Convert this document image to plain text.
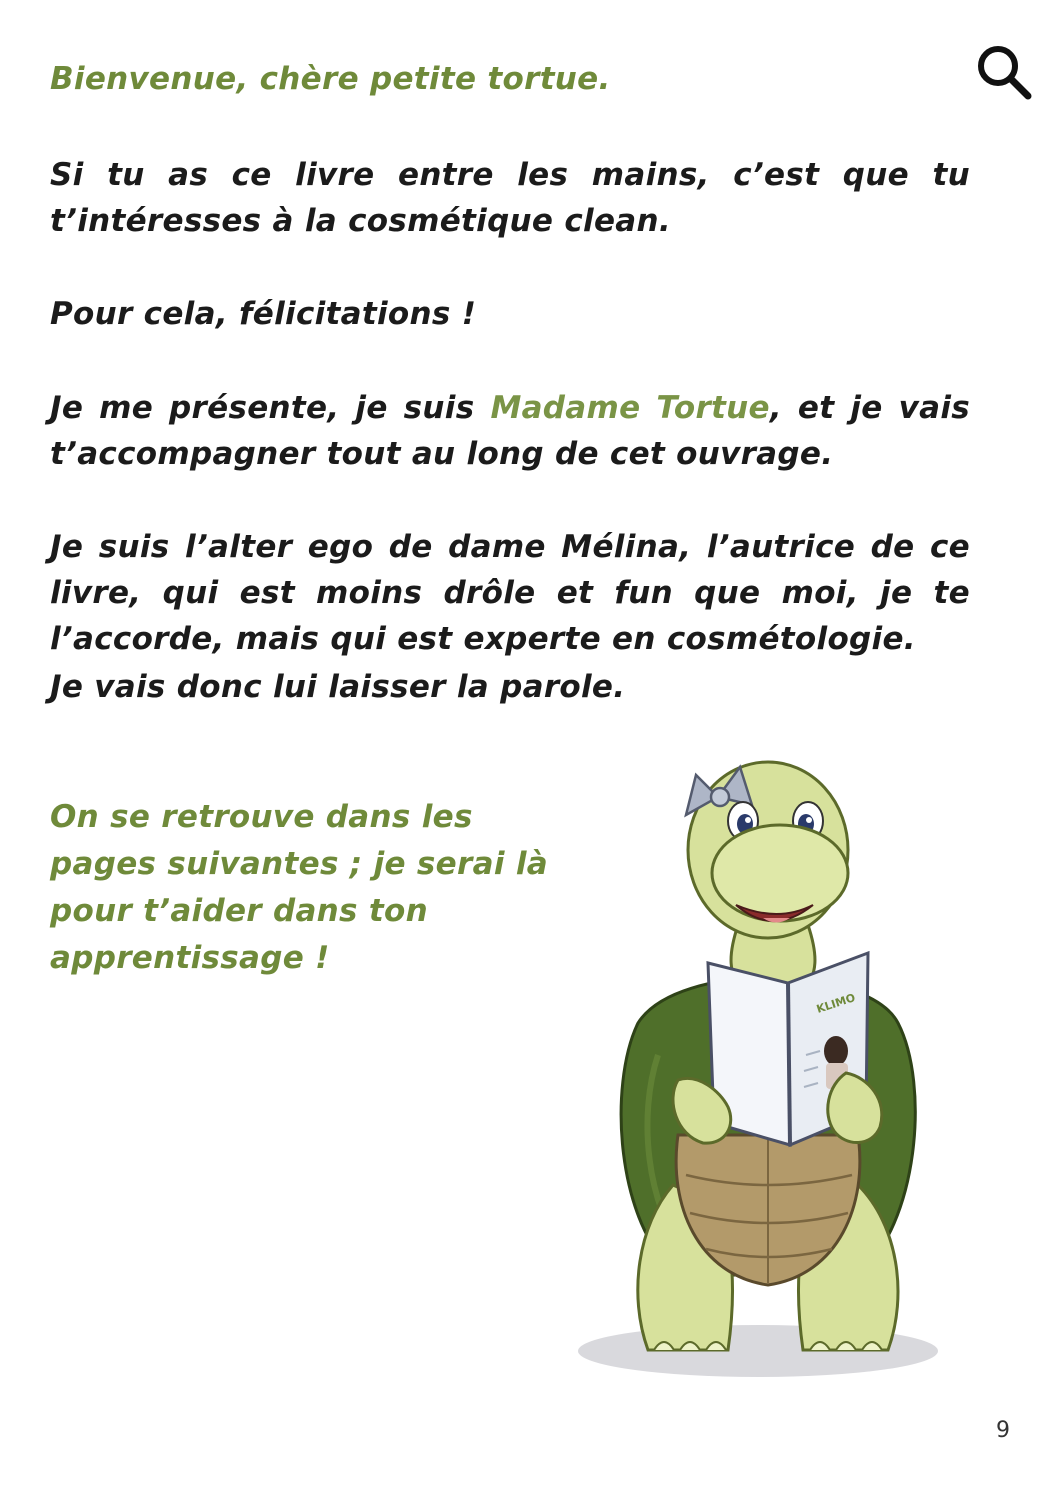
Bienvenue, chère petite tortue.
Si tu as ce livre entre les mains, c’est que tu t’intéresses à la cosmétique clean.
Pour cela, félicitations !
Je me présente, je suis Madame Tortue, et je vais t’accompagner tout au long de cet ouvrage.
Je suis l’alter ego de dame Mélina, l’autrice de ce livre, qui est moins drôle et fun que moi, je te l’accorde, mais qui est experte en cosmétologie.
Je vais donc lui laisser la parole.
On se retrouve dans les
pages suivantes ; je serai là
pour t’aider dans ton
apprentissage !
KLIMO
9
